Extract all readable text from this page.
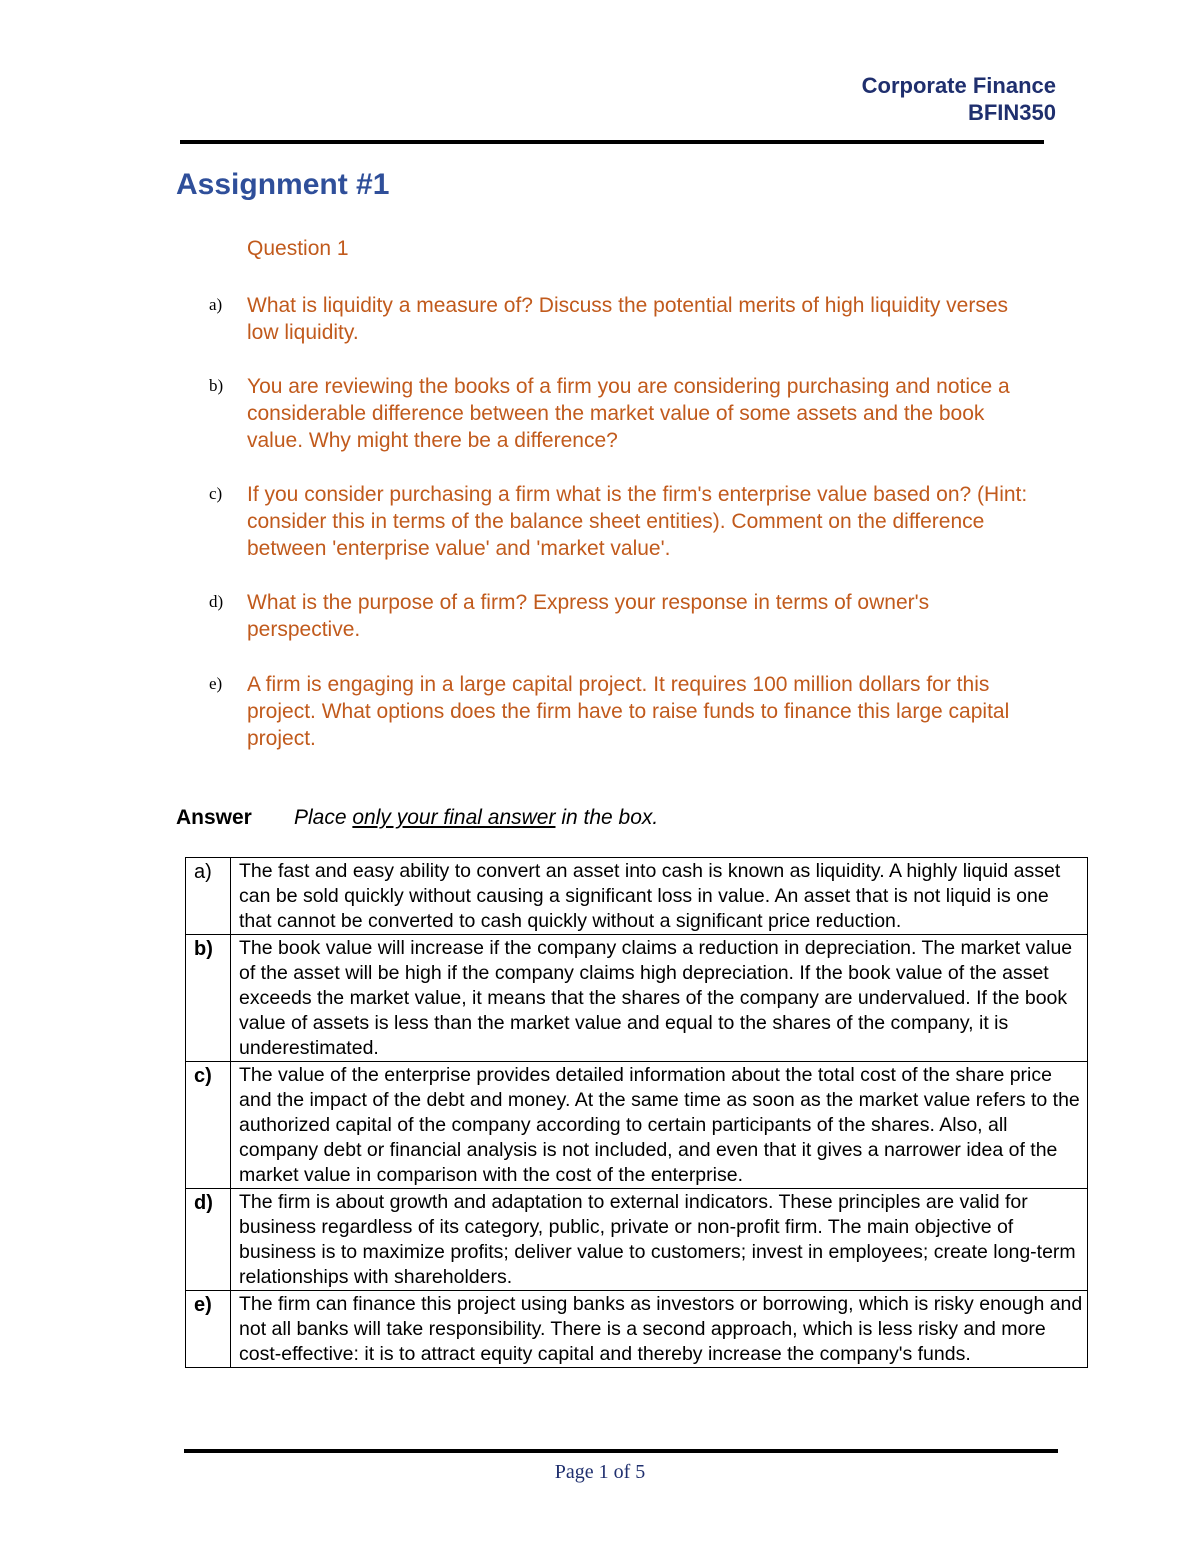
Corporate Finance
BFIN350
Assignment #1
Question 1
a)	What is liquidity a measure of? Discuss the potential merits of high liquidity verses low liquidity.
b)	You are reviewing the books of a firm you are considering purchasing and notice a considerable difference between the market value of some assets and the book value. Why might there be a difference?
c)	If you consider purchasing a firm what is the firm's enterprise value based on? (Hint: consider this in terms of the balance sheet entities). Comment on the difference between 'enterprise value' and 'market value'.
d)	What is the purpose of a firm? Express your response in terms of owner's perspective.
e)	A firm is engaging in a large capital project. It requires 100 million dollars for this project. What options does the firm have to raise funds to finance this large capital project.
Answer Place only your final answer in the box.
a)	The fast and easy ability to convert an asset into cash is known as liquidity. A highly liquid asset can be sold quickly without causing a significant loss in value. An asset that is not liquid is one that cannot be converted to cash quickly without a significant price reduction.
b)	The book value will increase if the company claims a reduction in depreciation. The market value of the asset will be high if the company claims high depreciation. If the book value of the asset exceeds the market value, it means that the shares of the company are undervalued. If the book value of assets is less than the market value and equal to the shares of the company, it is underestimated.
c)	The value of the enterprise provides detailed information about the total cost of the share price and the impact of the debt and money. At the same time as soon as the market value refers to the authorized capital of the company according to certain participants of the shares. Also, all company debt or financial analysis is not included, and even that it gives a narrower idea of the market value in comparison with the cost of the enterprise.
d)	The firm is about growth and adaptation to external indicators. These principles are valid for business regardless of its category, public, private or non-profit firm. The main objective of business is to maximize profits; deliver value to customers; invest in employees; create long-term relationships with shareholders.
e)	The firm can finance this project using banks as investors or borrowing, which is risky enough and not all banks will take responsibility. There is a second approach, which is less risky and more cost-effective: it is to attract equity capital and thereby increase the company's funds.
Page 1 of 5
